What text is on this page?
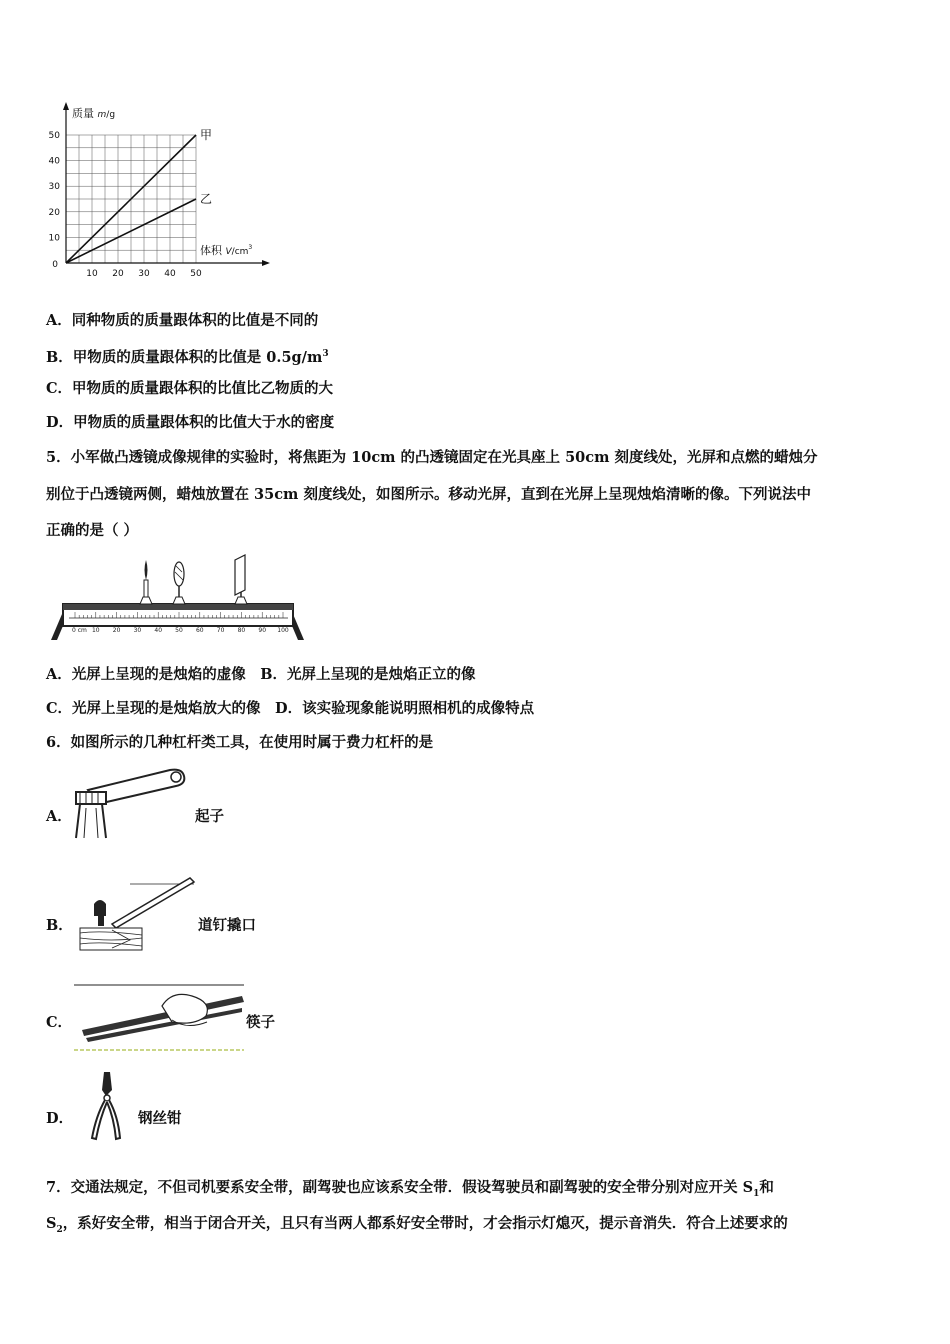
10 20 30 40 50
10
20
30
40
50
0
质量 m/g
体积 $V/cm^3$
甲
乙
A．同种物质的质量跟体积的比值是不同的
B．甲物质的质量跟体积的比值是 $0.5g/m^3$
C．甲物质的质量跟体积的比值比乙物质的大
D．甲物质的质量跟体积的比值大于水的密度
5．小军做凸透镜成像规律的实验时，将焦距为 10cm 的凸透镜固定在光具座上 50cm 刻度线处，光屏和点燃的蜡烛分
别位于凸透镜两侧，蜡烛放置在 35cm 刻度线处，如图所示。移动光屏，直到在光屏上呈现烛焰清晰的像。下列说法中
正确的是（ ）
0 cm 10 20 30 40 50 60 70 80 90 100
A．光屏上呈现的是烛焰的虚像　B．光屏上呈现的是烛焰正立的像
C．光屏上呈现的是烛焰放大的像　D．该实验现象能说明照相机的成像特点
6．如图所示的几种杠杆类工具，在使用时属于费力杠杆的是
A．	起子
B．	道钉撬口
C．	筷子
D．	钢丝钳
7．交通法规定，不但司机要系安全带，副驾驶也应该系安全带．假设驾驶员和副驾驶的安全带分别对应开关 $S_1$和
$S_2$，系好安全带，相当于闭合开关，且只有当两人都系好安全带时，才会指示灯熄灭，提示音消失．符合上述要求的
